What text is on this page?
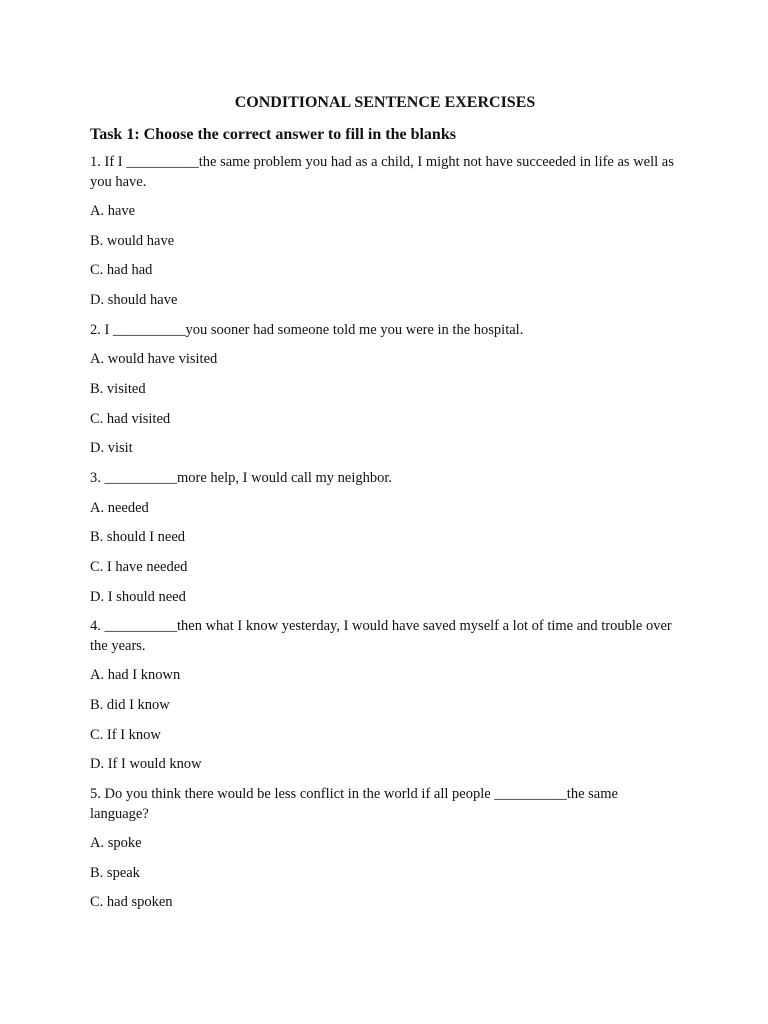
CONDITIONAL SENTENCE EXERCISES
Task 1: Choose the correct answer to fill in the blanks
1. If I __________the same problem you had as a child, I might not have succeeded in life as well as you have.
A. have
B. would have
C. had had
D. should have
2. I __________you sooner had someone told me you were in the hospital.
A. would have visited
B. visited
C. had visited
D. visit
3. __________more help, I would call my neighbor.
A. needed
B. should I need
C. I have needed
D. I should need
4. __________then what I know yesterday, I would have saved myself a lot of time and trouble over the years.
A. had I known
B. did I know
C. If I know
D. If I would know
5. Do you think there would be less conflict in the world if all people __________the same language?
A. spoke
B. speak
C. had spoken
